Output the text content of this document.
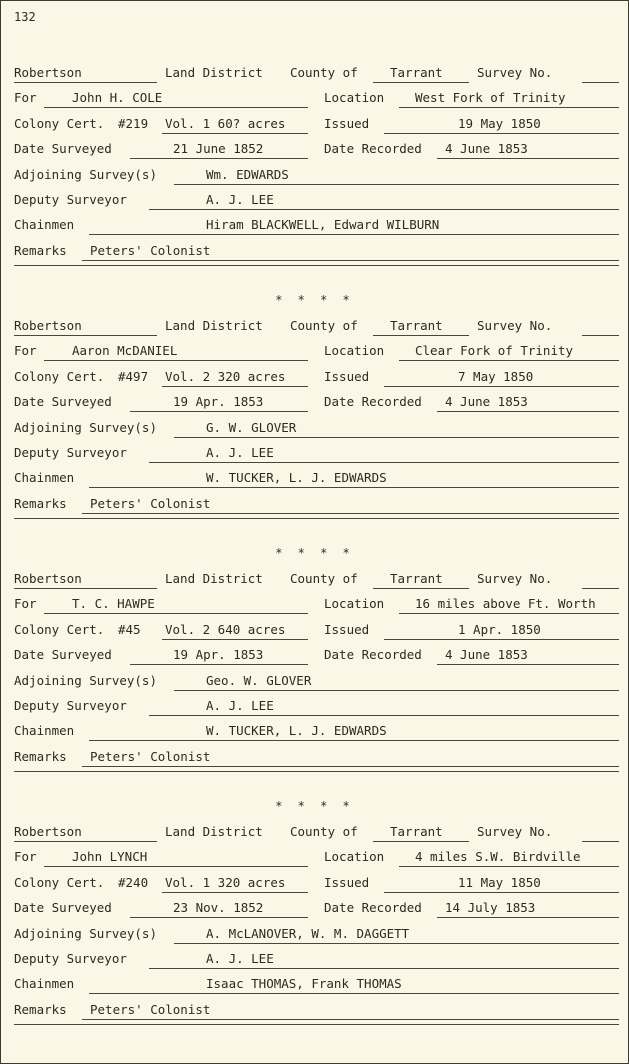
132
Robertson	Land District County of	Tarrant	Survey No.
For	John H. COLE	Location West Fork of Trinity
Colony Cert. #219 Vol. 1 60? acres	Issued	19 May 1850
Date Surveyed	21 June 1852	Date Recorded 4 June 1853
Adjoining Survey(s)	Wm. EDWARDS
Deputy Surveyor	A. J. LEE
Chainmen	Hiram BLACKWELL, Edward WILBURN
Remarks Peters' Colonist
* * * *
Robertson	Land District County of	Tarrant	Survey No.
For	Aaron McDANIEL	Location Clear Fork of Trinity
Colony Cert. #497 Vol. 2 320 acres	Issued	7 May 1850
Date Surveyed	19 Apr. 1853	Date Recorded 4 June 1853
Adjoining Survey(s)	G. W. GLOVER
Deputy Surveyor	A. J. LEE
Chainmen	W. TUCKER, L. J. EDWARDS
Remarks Peters' Colonist
* * * *
Robertson	Land District County of	Tarrant	Survey No.
For	T. C. HAWPE	Location 16 miles above Ft. Worth
Colony Cert. #45 Vol. 2 640 acres	Issued	1 Apr. 1850
Date Surveyed	19 Apr. 1853	Date Recorded 4 June 1853
Adjoining Survey(s)	Geo. W. GLOVER
Deputy Surveyor	A. J. LEE
Chainmen	W. TUCKER, L. J. EDWARDS
Remarks Peters' Colonist
* * * *
Robertson	Land District County of	Tarrant	Survey No.
For	John LYNCH	Location 4 miles S.W. Birdville
Colony Cert. #240 Vol. 1 320 acres	Issued	11 May 1850
Date Surveyed	23 Nov. 1852	Date Recorded 14 July 1853
Adjoining Survey(s)	A. McLANOVER, W. M. DAGGETT
Deputy Surveyor	A. J. LEE
Chainmen	Isaac THOMAS, Frank THOMAS
Remarks Peters' Colonist
